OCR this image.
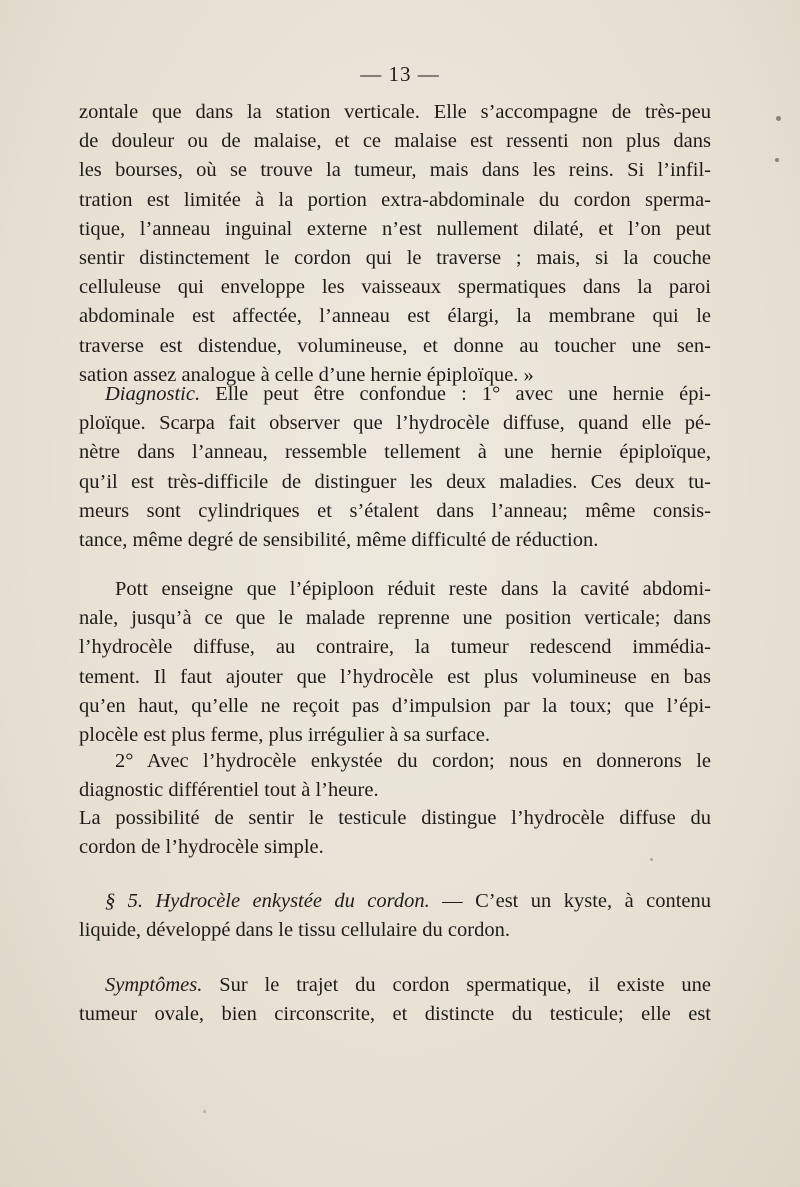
— 13 —
zontale que dans la station verticale. Elle s’accompagne de très-peu
de douleur ou de malaise, et ce malaise est ressenti non plus dans
les bourses, où se trouve la tumeur, mais dans les reins. Si l’infil-
tration est limitée à la portion extra-abdominale du cordon sperma-
tique, l’anneau inguinal externe n’est nullement dilaté, et l’on peut
sentir distinctement le cordon qui le traverse ; mais, si la couche
celluleuse qui enveloppe les vaisseaux spermatiques dans la paroi
abdominale est affectée, l’anneau est élargi, la membrane qui le
traverse est distendue, volumineuse, et donne au toucher une sen-
sation assez analogue à celle d’une hernie épiploïque. »
Diagnostic. Elle peut être confondue : 1° avec une hernie épi-
ploïque. Scarpa fait observer que l’hydrocèle diffuse, quand elle pé-
nètre dans l’anneau, ressemble tellement à une hernie épiploïque,
qu’il est très-difficile de distinguer les deux maladies. Ces deux tu-
meurs sont cylindriques et s’étalent dans l’anneau; même consis-
tance, même degré de sensibilité, même difficulté de réduction.
Pott enseigne que l’épiploon réduit reste dans la cavité abdomi-
nale, jusqu’à ce que le malade reprenne une position verticale; dans
l’hydrocèle diffuse, au contraire, la tumeur redescend immédia-
tement. Il faut ajouter que l’hydrocèle est plus volumineuse en bas
qu’en haut, qu’elle ne reçoit pas d’impulsion par la toux; que l’épi-
plocèle est plus ferme, plus irrégulier à sa surface.
2° Avec l’hydrocèle enkystée du cordon; nous en donnerons le
diagnostic différentiel tout à l’heure.
La possibilité de sentir le testicule distingue l’hydrocèle diffuse du
cordon de l’hydrocèle simple.
§ 5. Hydrocèle enkystée du cordon. — C’est un kyste, à contenu
liquide, développé dans le tissu cellulaire du cordon.
Symptômes. Sur le trajet du cordon spermatique, il existe une
tumeur ovale, bien circonscrite, et distincte du testicule; elle est
